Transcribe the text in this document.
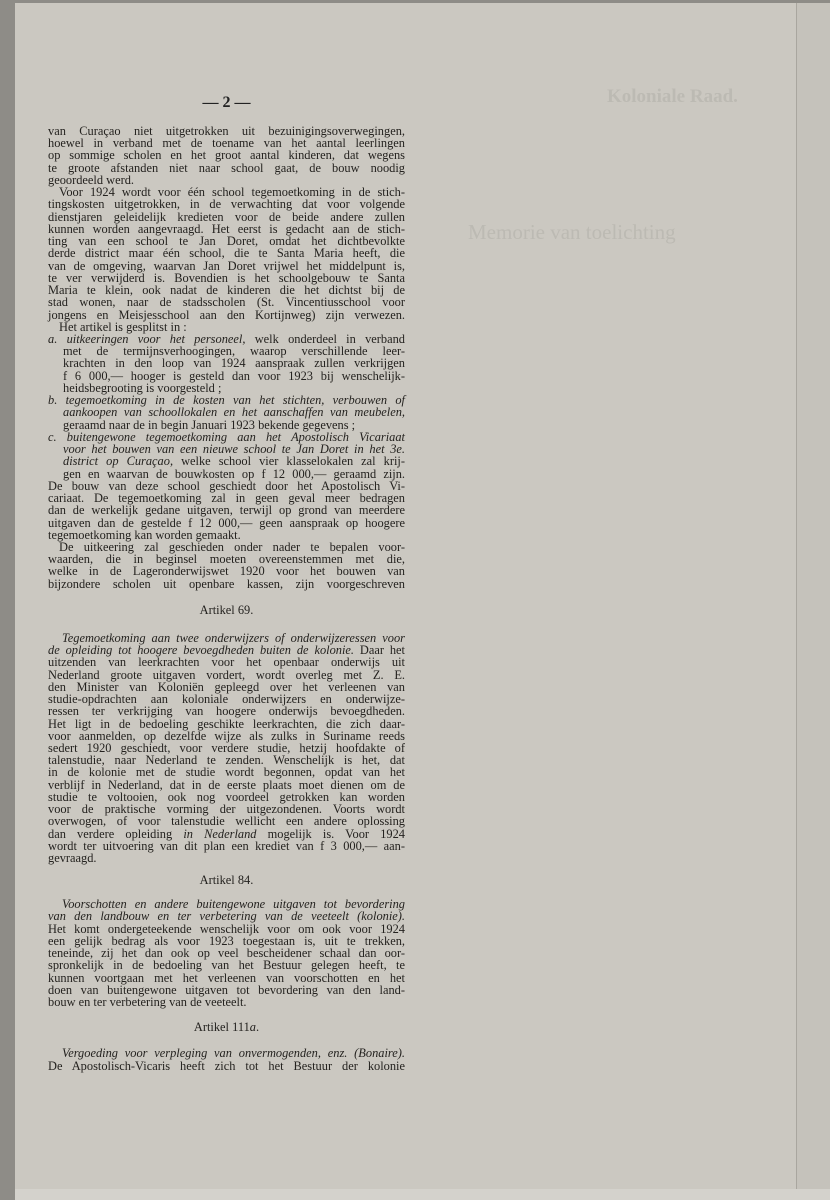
Koloniale Raad.
Memorie van toelichting
— 2 —
van Curaçao niet uitgetrokken uit bezuinigingsoverwegingen,
hoewel in verband met de toename van het aantal leerlingen
op sommige scholen en het groot aantal kinderen, dat wegens
te groote afstanden niet naar school gaat, de bouw noodig
geoordeeld werd.
Voor 1924 wordt voor één school tegemoetkoming in de stich-
tingskosten uitgetrokken, in de verwachting dat voor volgende
dienstjaren geleidelijk kredieten voor de beide andere zullen
kunnen worden aangevraagd. Het eerst is gedacht aan de stich-
ting van een school te Jan Doret, omdat het dichtbevolkte
derde district maar één school, die te Santa Maria heeft, die
van de omgeving, waarvan Jan Doret vrijwel het middelpunt is,
te ver verwijderd is. Bovendien is het schoolgebouw te Santa
Maria te klein, ook nadat de kinderen die het dichtst bij de
stad wonen, naar de stadsscholen (St. Vincentiusschool voor
jongens en Meisjesschool aan den Kortijnweg) zijn verwezen.
Het artikel is gesplitst in :
a. uitkeeringen voor het personeel, welk onderdeel in verband
met de termijnsverhoogingen, waarop verschillende leer-
krachten in den loop van 1924 aanspraak zullen verkrijgen
f 6 000,— hooger is gesteld dan voor 1923 bij wenschelijk-
heidsbegrooting is voorgesteld ;
b. tegemoetkoming in de kosten van het stichten, verbouwen of
aankoopen van schoollokalen en het aanschaffen van meubelen,
geraamd naar de in begin Januari 1923 bekende gegevens ;
c. buitengewone tegemoetkoming aan het Apostolisch Vicariaat
voor het bouwen van een nieuwe school te Jan Doret in het 3e.
district op Curaçao, welke school vier klasselokalen zal krij-
gen en waarvan de bouwkosten op f 12 000,— geraamd zijn.
De bouw van deze school geschiedt door het Apostolisch Vi-
cariaat. De tegemoetkoming zal in geen geval meer bedragen
dan de werkelijk gedane uitgaven, terwijl op grond van meerdere
uitgaven dan de gestelde f 12 000,— geen aanspraak op hoogere
tegemoetkoming kan worden gemaakt.
De uitkeering zal geschieden onder nader te bepalen voor-
waarden, die in beginsel moeten overeenstemmen met die,
welke in de Lageronderwijswet 1920 voor het bouwen van
bijzondere scholen uit openbare kassen, zijn voorgeschreven
Artikel 69.
Tegemoetkoming aan twee onderwijzers of onderwijzeressen voor
de opleiding tot hoogere bevoegdheden buiten de kolonie. Daar het
uitzenden van leerkrachten voor het openbaar onderwijs uit
Nederland groote uitgaven vordert, wordt overleg met Z. E.
den Minister van Koloniën gepleegd over het verleenen van
studie-opdrachten aan koloniale onderwijzers en onderwijze-
ressen ter verkrijging van hoogere onderwijs bevoegdheden.
Het ligt in de bedoeling geschikte leerkrachten, die zich daar-
voor aanmelden, op dezelfde wijze als zulks in Suriname reeds
sedert 1920 geschiedt, voor verdere studie, hetzij hoofdakte of
talenstudie, naar Nederland te zenden. Wenschelijk is het, dat
in de kolonie met de studie wordt begonnen, opdat van het
verblijf in Nederland, dat in de eerste plaats moet dienen om de
studie te voltooien, ook nog voordeel getrokken kan worden
voor de praktische vorming der uitgezondenen. Voorts wordt
overwogen, of voor talenstudie wellicht een andere oplossing
dan verdere opleiding in Nederland mogelijk is. Voor 1924
wordt ter uitvoering van dit plan een krediet van f 3 000,— aan-
gevraagd.
Artikel 84.
Voorschotten en andere buitengewone uitgaven tot bevordering
van den landbouw en ter verbetering van de veeteelt (kolonie).
Het komt ondergeteekende wenschelijk voor om ook voor 1924
een gelijk bedrag als voor 1923 toegestaan is, uit te trekken,
teneinde, zij het dan ook op veel bescheidener schaal dan oor-
spronkelijk in de bedoeling van het Bestuur gelegen heeft, te
kunnen voortgaan met het verleenen van voorschotten en het
doen van buitengewone uitgaven tot bevordering van den land-
bouw en ter verbetering van de veeteelt.
Artikel 111a.
Vergoeding voor verpleging van onvermogenden, enz. (Bonaire).
De Apostolisch-Vicaris heeft zich tot het Bestuur der kolonie
